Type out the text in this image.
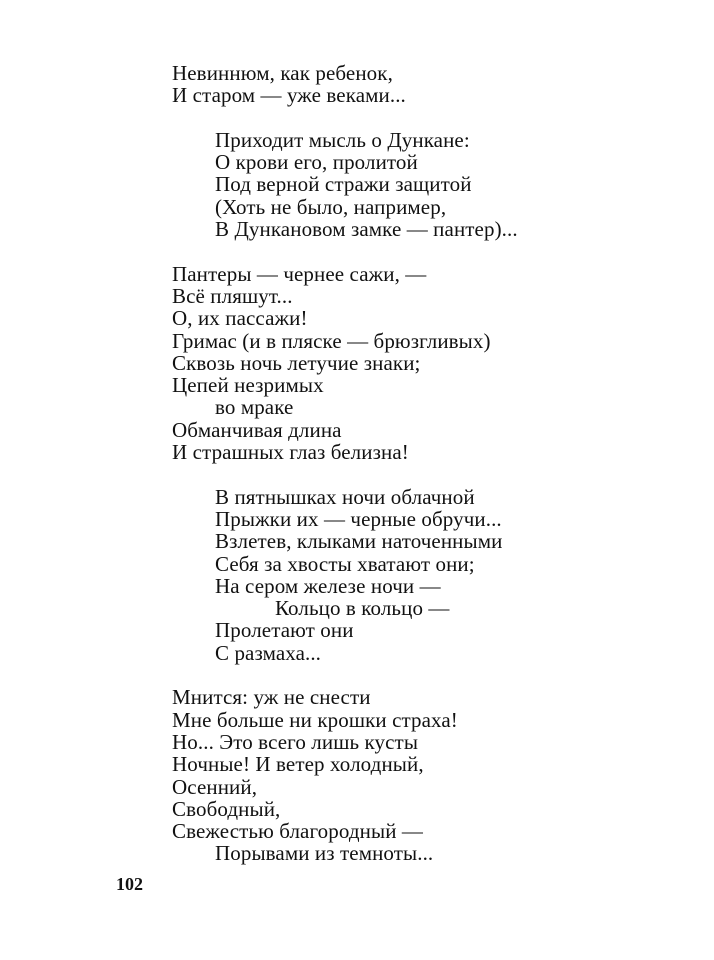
Невиннюм, как ребенок,
И старом — уже веками...
Приходит мысль о Дункане:
О крови его, пролитой
Под верной стражи защитой
(Хоть не было, например,
В Дункановом замке — пантер)...
Пантеры — чернее сажи, —
Всё пляшут...
О, их пассажи!
Гримас (и в пляске — брюзгливых)
Сквозь ночь летучие знаки;
Цепей незримых
во мраке
Обманчивая длина
И страшных глаз белизна!
В пятнышках ночи облачной
Прыжки их — черные обручи...
Взлетев, клыками наточенными
Себя за хвосты хватают они;
На сером железе ночи —
Кольцо в кольцо —
Пролетают они
С размаха...
Мнится: уж не снести
Мне больше ни крошки страха!
Но... Это всего лишь кусты
Ночные! И ветер холодный,
Осенний,
Свободный,
Свежестью благородный —
Порывами из темноты...
102
